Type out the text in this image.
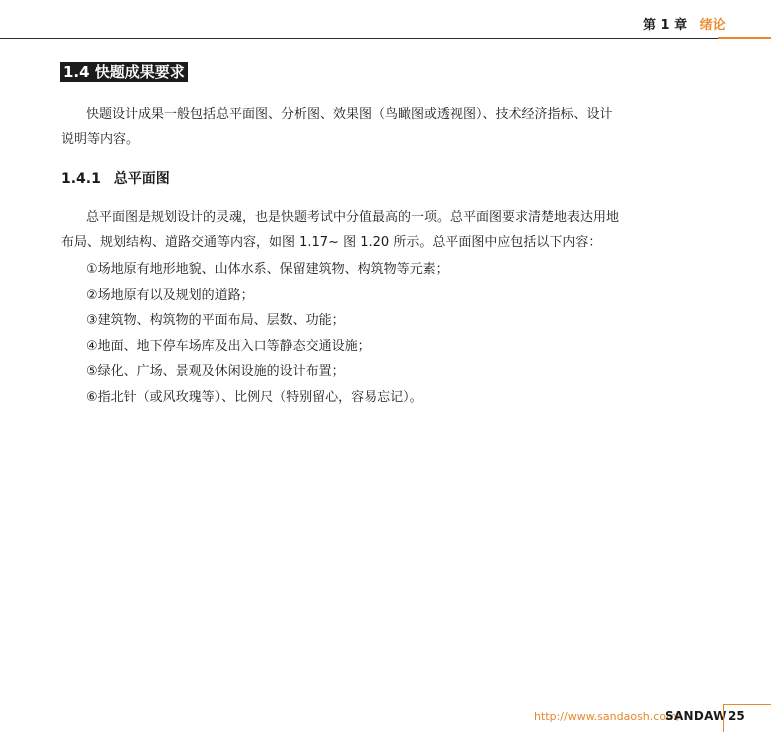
第 1 章 绪论
1.4 快题成果要求

快题设计成果一般包括总平面图、分析图、效果图（鸟瞰图或透视图）、技术经济指标、设计
说明等内容。

1.4.1 总平面图

总平面图是规划设计的灵魂，也是快题考试中分值最高的一项。总平面图要求清楚地表达用地
布局、规划结构、道路交通等内容，如图 1.17~ 图 1.20 所示。总平面图中应包括以下内容：

①场地原有地形地貌、山体水系、保留建筑物、构筑物等元素；
②场地原有以及规划的道路；
③建筑物、构筑物的平面布局、层数、功能；
④地面、地下停车场库及出入口等静态交通设施；
⑤绿化、广场、景观及休闲设施的设计布置；
⑥指北针（或风玫瑰等）、比例尺（特别留心，容易忘记）。
http://www.sandaosh.com/
SANDAW 25
